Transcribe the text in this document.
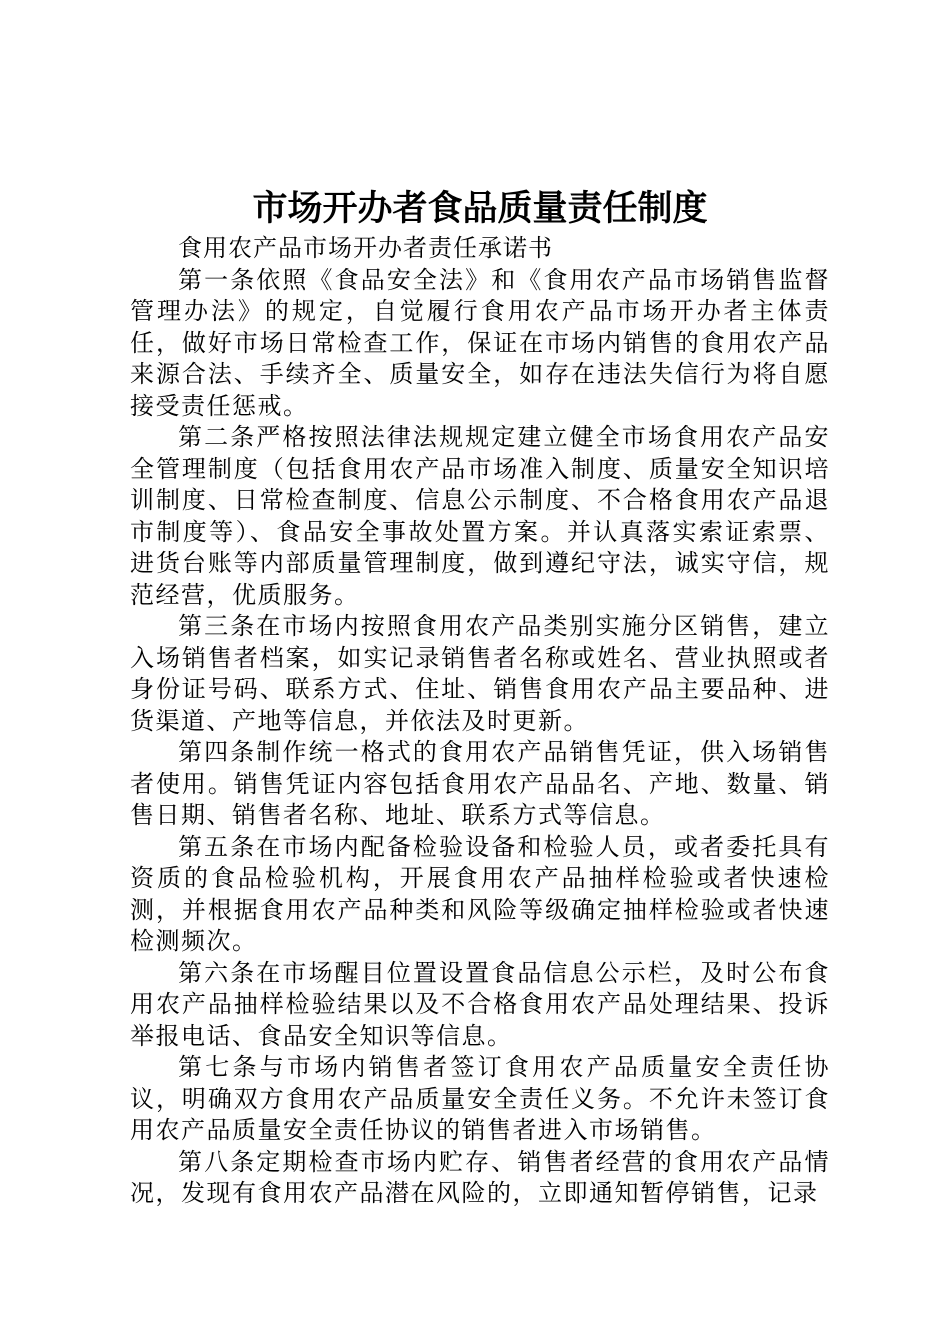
市场开办者食品质量责任制度

食用农产品市场开办者责任承诺书

第一条依照《食品安全法》和《食用农产品市场销售监督管理办法》的规定，自觉履行食用农产品市场开办者主体责任，做好市场日常检查工作，保证在市场内销售的食用农产品来源合法、手续齐全、质量安全，如存在违法失信行为将自愿接受责任惩戒。

第二条严格按照法律法规规定建立健全市场食用农产品安全管理制度（包括食用农产品市场准入制度、质量安全知识培训制度、日常检查制度、信息公示制度、不合格食用农产品退市制度等）、食品安全事故处置方案。并认真落实索证索票、进货台账等内部质量管理制度，做到遵纪守法，诚实守信，规范经营，优质服务。

第三条在市场内按照食用农产品类别实施分区销售，建立入场销售者档案，如实记录销售者名称或姓名、营业执照或者身份证号码、联系方式、住址、销售食用农产品主要品种、进货渠道、产地等信息，并依法及时更新。

第四条制作统一格式的食用农产品销售凭证，供入场销售者使用。销售凭证内容包括食用农产品品名、产地、数量、销售日期、销售者名称、地址、联系方式等信息。

第五条在市场内配备检验设备和检验人员，或者委托具有资质的食品检验机构，开展食用农产品抽样检验或者快速检测，并根据食用农产品种类和风险等级确定抽样检验或者快速检测频次。

第六条在市场醒目位置设置食品信息公示栏，及时公布食用农产品抽样检验结果以及不合格食用农产品处理结果、投诉举报电话、食品安全知识等信息。

第七条与市场内销售者签订食用农产品质量安全责任协议，明确双方食用农产品质量安全责任义务。不允许未签订食用农产品质量安全责任协议的销售者进入市场销售。

第八条定期检查市场内贮存、销售者经营的食用农产品情况，发现有食用农产品潜在风险的，立即通知暂停销售，记录
